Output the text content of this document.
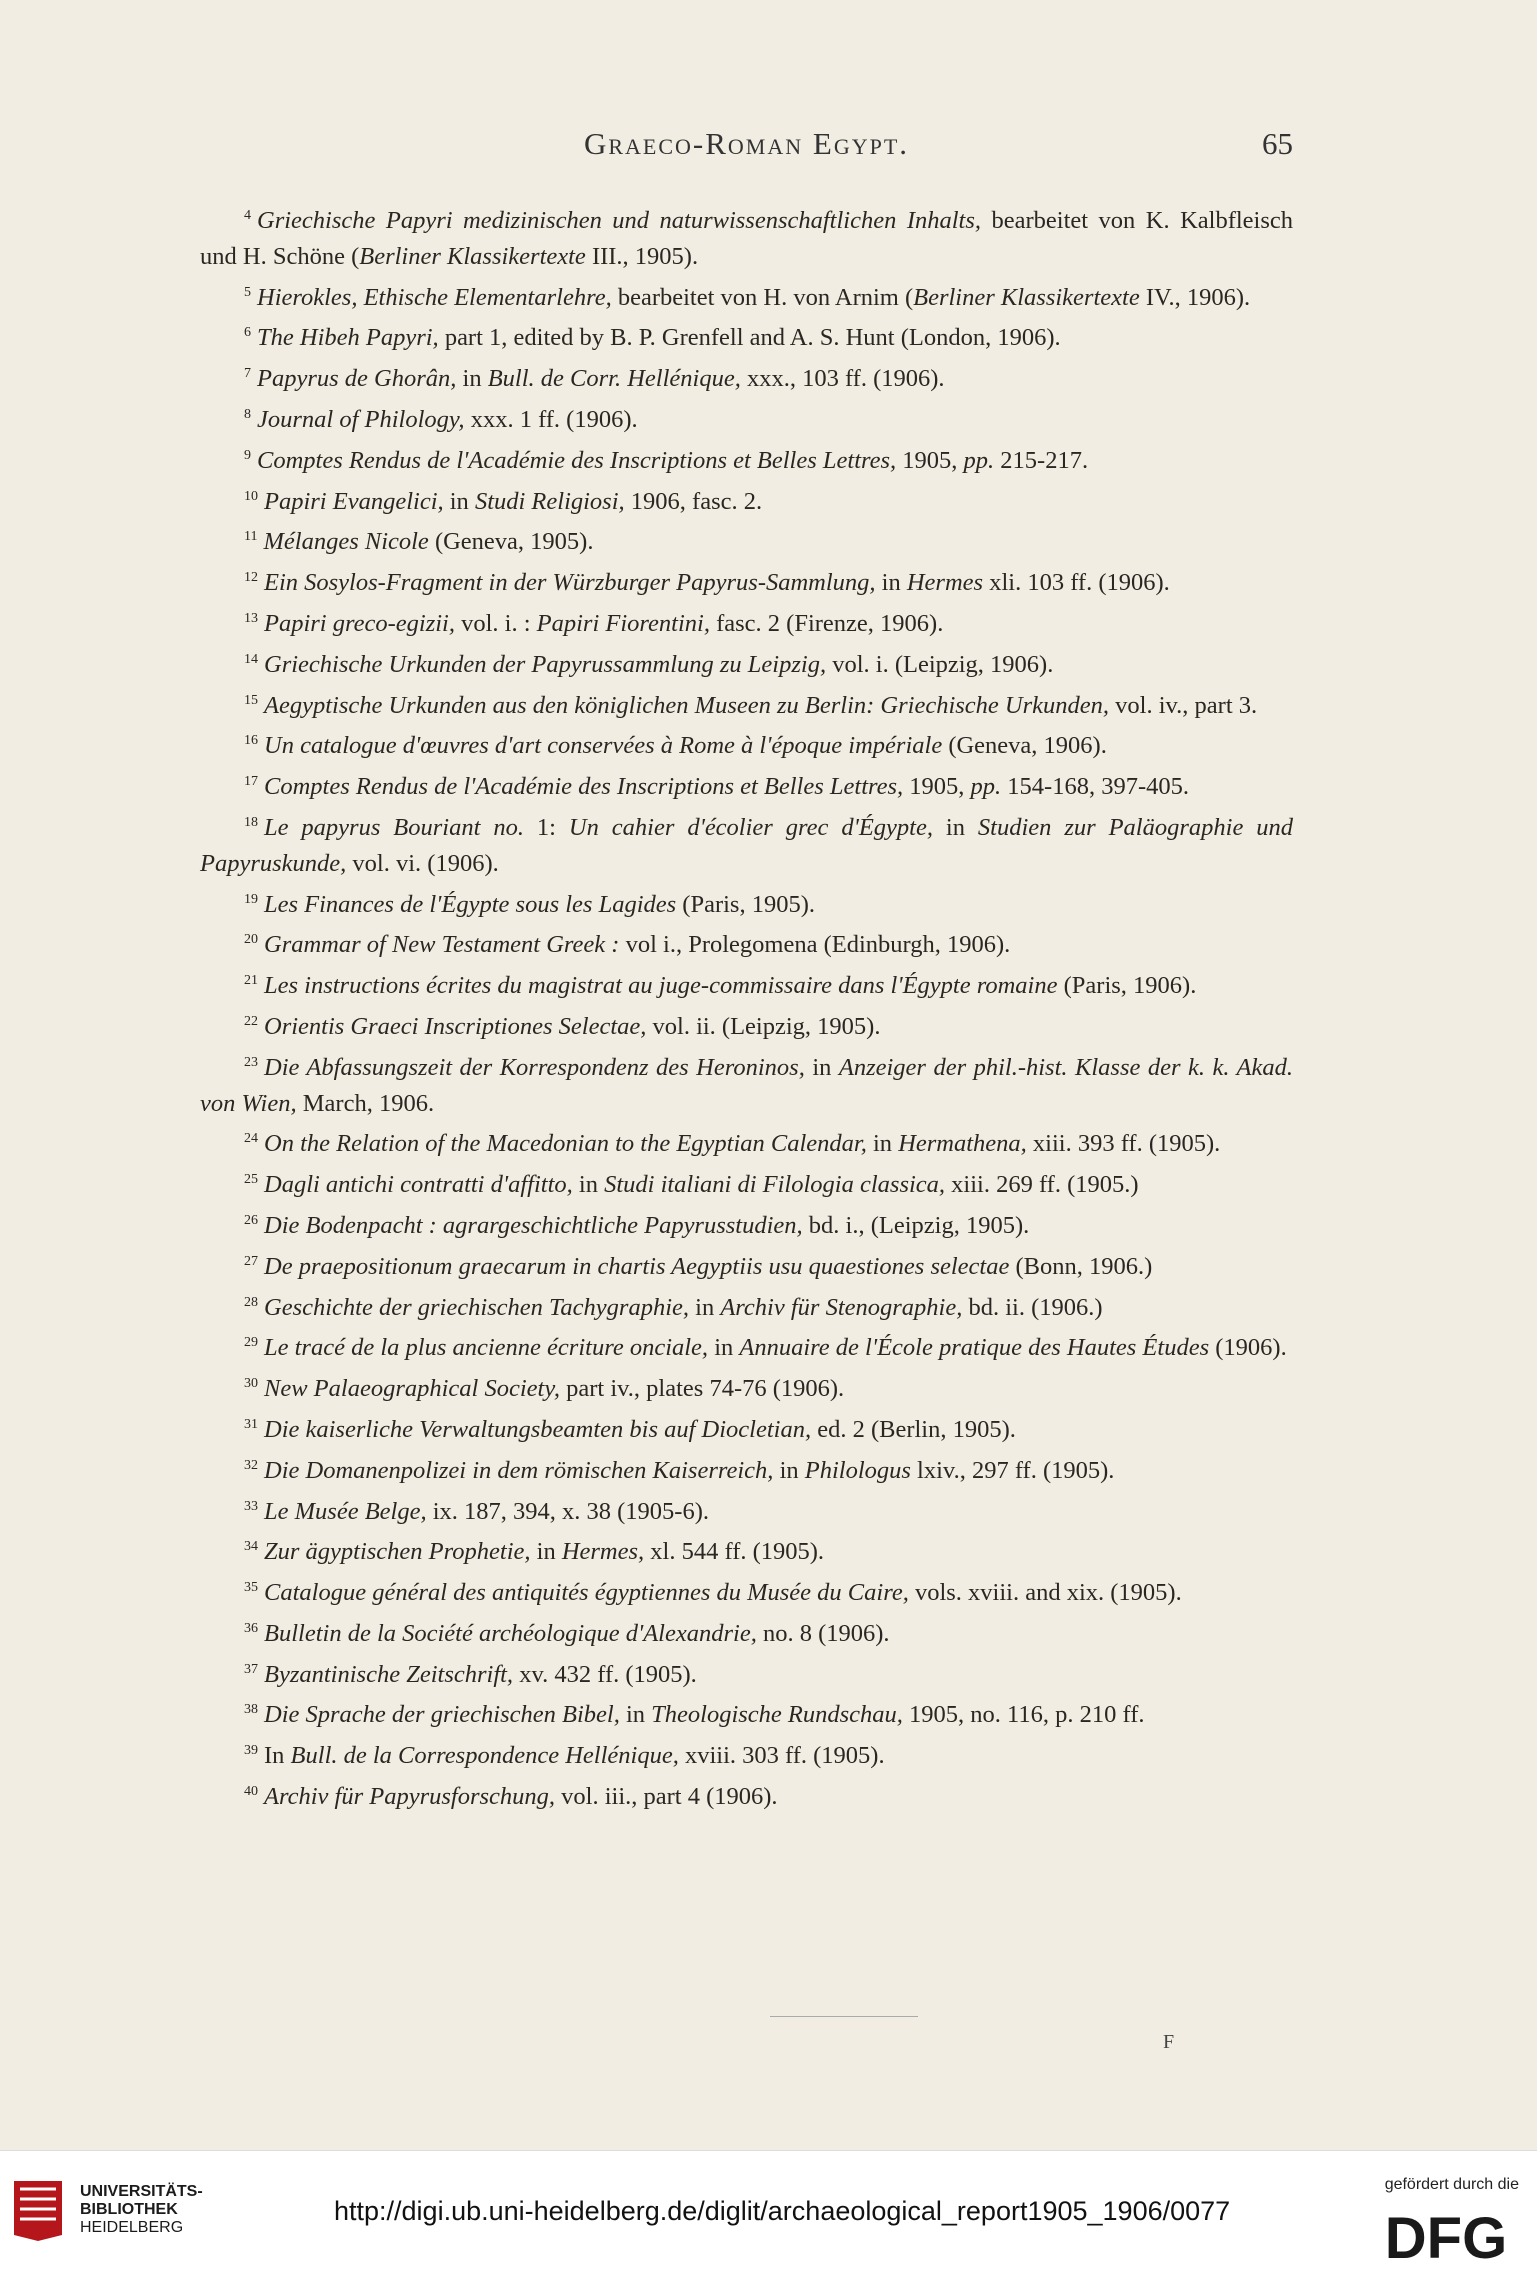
Graeco-Roman Egypt.	65

$^4$ Griechische Papyri medizinischen und naturwissenschaftlichen Inhalts, bearbeitet von K. Kalbfleisch und H. Schöne (Berliner Klassikertexte III., 1905).

$^5$ Hierokles, Ethische Elementarlehre, bearbeitet von H. von Arnim (Berliner Klassikertexte IV., 1906).

$^6$ The Hibeh Papyri, part 1, edited by B. P. Grenfell and A. S. Hunt (London, 1906).

$^7$ Papyrus de Ghorân, in Bull. de Corr. Hellénique, xxx., 103 ff. (1906).

$^8$ Journal of Philology, xxx. 1 ff. (1906).

$^9$ Comptes Rendus de l'Académie des Inscriptions et Belles Lettres, 1905, pp. 215-217.

$^{10}$ Papiri Evangelici, in Studi Religiosi, 1906, fasc. 2.

$^{11}$ Mélanges Nicole (Geneva, 1905).

$^{12}$ Ein Sosylos-Fragment in der Würzburger Papyrus-Sammlung, in Hermes xli. 103 ff. (1906).

$^{13}$ Papiri greco-egizii, vol. i. : Papiri Fiorentini, fasc. 2 (Firenze, 1906).

$^{14}$ Griechische Urkunden der Papyrussammlung zu Leipzig, vol. i. (Leipzig, 1906).

$^{15}$ Aegyptische Urkunden aus den königlichen Museen zu Berlin: Griechische Urkunden, vol. iv., part 3.

$^{16}$ Un catalogue d'œuvres d'art conservées à Rome à l'époque impériale (Geneva, 1906).

$^{17}$ Comptes Rendus de l'Académie des Inscriptions et Belles Lettres, 1905, pp. 154-168, 397-405.

$^{18}$ Le papyrus Bouriant no. 1: Un cahier d'écolier grec d'Égypte, in Studien zur Paläographie und Papyruskunde, vol. vi. (1906).

$^{19}$ Les Finances de l'Égypte sous les Lagides (Paris, 1905).

$^{20}$ Grammar of New Testament Greek : vol i., Prolegomena (Edinburgh, 1906).

$^{21}$ Les instructions écrites du magistrat au juge-commissaire dans l'Égypte romaine (Paris, 1906).

$^{22}$ Orientis Graeci Inscriptiones Selectae, vol. ii. (Leipzig, 1905).

$^{23}$ Die Abfassungszeit der Korrespondenz des Heroninos, in Anzeiger der phil.-hist. Klasse der k. k. Akad. von Wien, March, 1906.

$^{24}$ On the Relation of the Macedonian to the Egyptian Calendar, in Hermathena, xiii. 393 ff. (1905).

$^{25}$ Dagli antichi contratti d'affitto, in Studi italiani di Filologia classica, xiii. 269 ff. (1905.)

$^{26}$ Die Bodenpacht : agrargeschichtliche Papyrusstudien, bd. i., (Leipzig, 1905).

$^{27}$ De praepositionum graecarum in chartis Aegyptiis usu quaestiones selectae (Bonn, 1906.)

$^{28}$ Geschichte der griechischen Tachygraphie, in Archiv für Stenographie, bd. ii. (1906.)

$^{29}$ Le tracé de la plus ancienne écriture onciale, in Annuaire de l'École pratique des Hautes Études (1906).

$^{30}$ New Palaeographical Society, part iv., plates 74-76 (1906).

$^{31}$ Die kaiserliche Verwaltungsbeamten bis auf Diocletian, ed. 2 (Berlin, 1905).

$^{32}$ Die Domanenpolizei in dem römischen Kaiserreich, in Philologus lxiv., 297 ff. (1905).

$^{33}$ Le Musée Belge, ix. 187, 394, x. 38 (1905-6).

$^{34}$ Zur ägyptischen Prophetie, in Hermes, xl. 544 ff. (1905).

$^{35}$ Catalogue général des antiquités égyptiennes du Musée du Caire, vols. xviii. and xix. (1905).

$^{36}$ Bulletin de la Société archéologique d'Alexandrie, no. 8 (1906).

$^{37}$ Byzantinische Zeitschrift, xv. 432 ff. (1905).

$^{38}$ Die Sprache der griechischen Bibel, in Theologische Rundschau, 1905, no. 116, p. 210 ff.

$^{39}$ In Bull. de la Correspondence Hellénique, xviii. 303 ff. (1905).

$^{40}$ Archiv für Papyrusforschung, vol. iii., part 4 (1906).

F
UNIVERSITÄTS-
BIBLIOTHEK
HEIDELBERG
http://digi.ub.uni-heidelberg.de/diglit/archaeological_report1905_1906/0077
gefördert durch die
DFG
